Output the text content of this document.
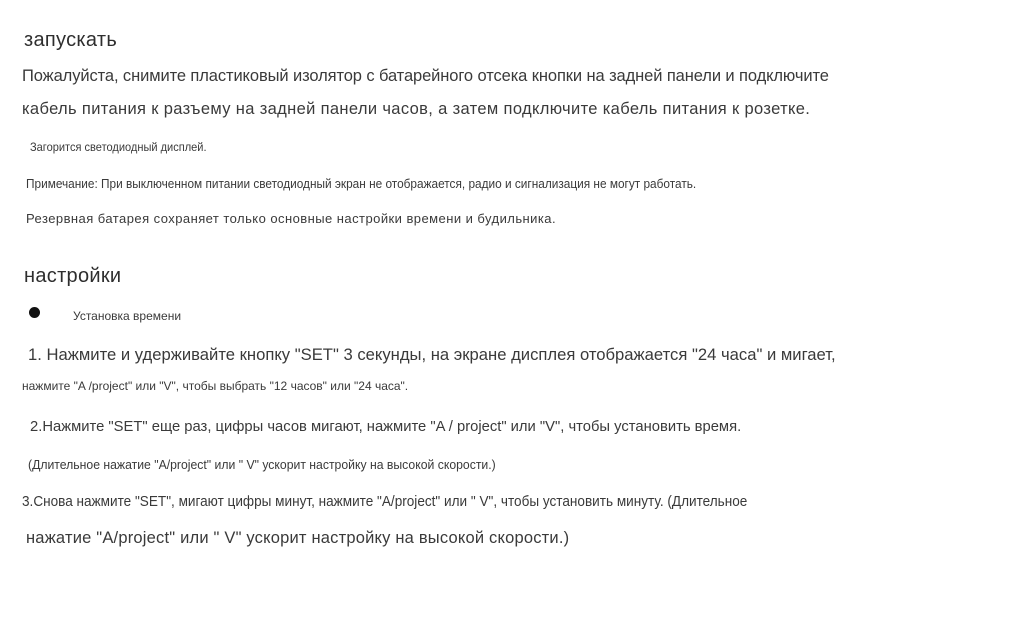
запускать
Пожалуйста, снимите пластиковый изолятор с батарейного отсека кнопки на задней панели и подключите
кабель питания к разъему на задней панели часов, а затем подключите кабель питания к розетке.
Загорится светодиодный дисплей.
Примечание: При выключенном питании светодиодный экран не отображается, радио и сигнализация не могут работать.
Резервная батарея сохраняет только основные настройки времени и будильника.
настройки
Установка времени
1. Нажмите и удерживайте кнопку "SET" 3 секунды, на экране дисплея отображается "24 часа" и мигает,
нажмите "A /project" или "V", чтобы выбрать "12 часов" или "24 часа".
2.Нажмите "SET" еще раз, цифры часов мигают, нажмите "A / project" или "V", чтобы установить время.
(Длительное нажатие "A/project" или " V" ускорит настройку на высокой скорости.)
3.Снова нажмите "SET", мигают цифры минут, нажмите "A/project" или " V", чтобы установить минуту. (Длительное
нажатие "A/project" или " V" ускорит настройку на высокой скорости.)
